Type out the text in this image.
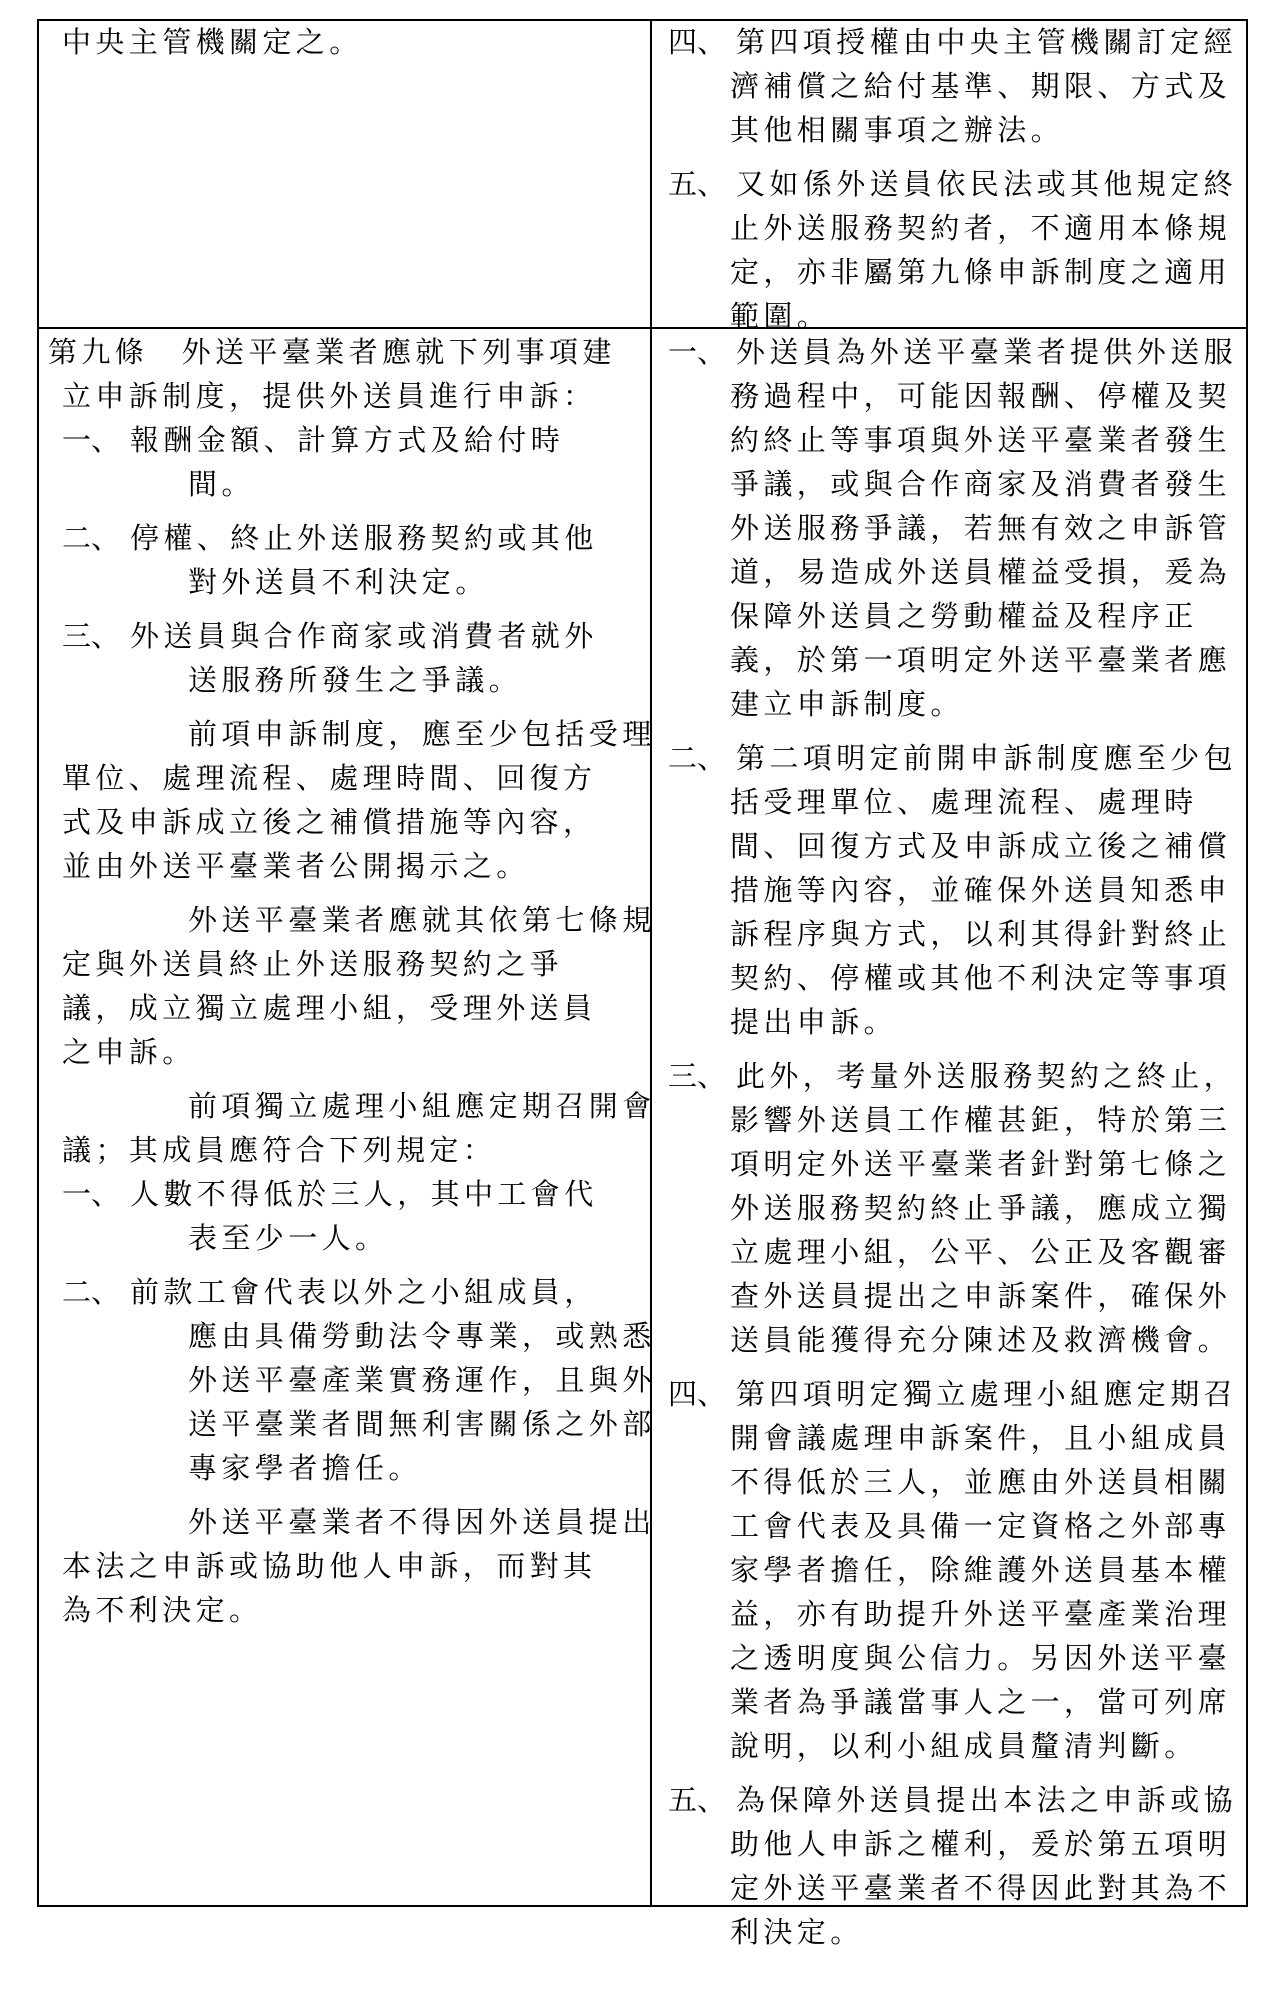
中央主管機關定之。	四、 第四項授權由中央主管機關訂定經
濟補償之給付基準、期限、方式及
其他相關事項之辦法。
五、 又如係外送員依民法或其他規定終
止外送服務契約者，不適用本條規
定，亦非屬第九條申訴制度之適用
範圍。
第九條　外送平臺業者應就下列事項建
立申訴制度，提供外送員進行申訴：
一、 報酬金額、計算方式及給付時
間。
二、 停權、終止外送服務契約或其他
對外送員不利決定。
三、 外送員與合作商家或消費者就外
送服務所發生之爭議。
前項申訴制度，應至少包括受理
單位、處理流程、處理時間、回復方
式及申訴成立後之補償措施等內容，
並由外送平臺業者公開揭示之。
外送平臺業者應就其依第七條規
定與外送員終止外送服務契約之爭
議，成立獨立處理小組，受理外送員
之申訴。
前項獨立處理小組應定期召開會
議；其成員應符合下列規定：
一、 人數不得低於三人，其中工會代
表至少一人。
二、 前款工會代表以外之小組成員，
應由具備勞動法令專業，或熟悉
外送平臺產業實務運作，且與外
送平臺業者間無利害關係之外部
專家學者擔任。
外送平臺業者不得因外送員提出
本法之申訴或協助他人申訴，而對其
為不利決定。
一、 外送員為外送平臺業者提供外送服
務過程中，可能因報酬、停權及契
約終止等事項與外送平臺業者發生
爭議，或與合作商家及消費者發生
外送服務爭議，若無有效之申訴管
道，易造成外送員權益受損，爰為
保障外送員之勞動權益及程序正
義，於第一項明定外送平臺業者應
建立申訴制度。
二、 第二項明定前開申訴制度應至少包
括受理單位、處理流程、處理時
間、回復方式及申訴成立後之補償
措施等內容，並確保外送員知悉申
訴程序與方式，以利其得針對終止
契約、停權或其他不利決定等事項
提出申訴。
三、 此外，考量外送服務契約之終止，
影響外送員工作權甚鉅，特於第三
項明定外送平臺業者針對第七條之
外送服務契約終止爭議，應成立獨
立處理小組，公平、公正及客觀審
查外送員提出之申訴案件，確保外
送員能獲得充分陳述及救濟機會。
四、 第四項明定獨立處理小組應定期召
開會議處理申訴案件，且小組成員
不得低於三人，並應由外送員相關
工會代表及具備一定資格之外部專
家學者擔任，除維護外送員基本權
益，亦有助提升外送平臺產業治理
之透明度與公信力。另因外送平臺
業者為爭議當事人之一，當可列席
說明，以利小組成員釐清判斷。
五、 為保障外送員提出本法之申訴或協
助他人申訴之權利，爰於第五項明
定外送平臺業者不得因此對其為不
利決定。
